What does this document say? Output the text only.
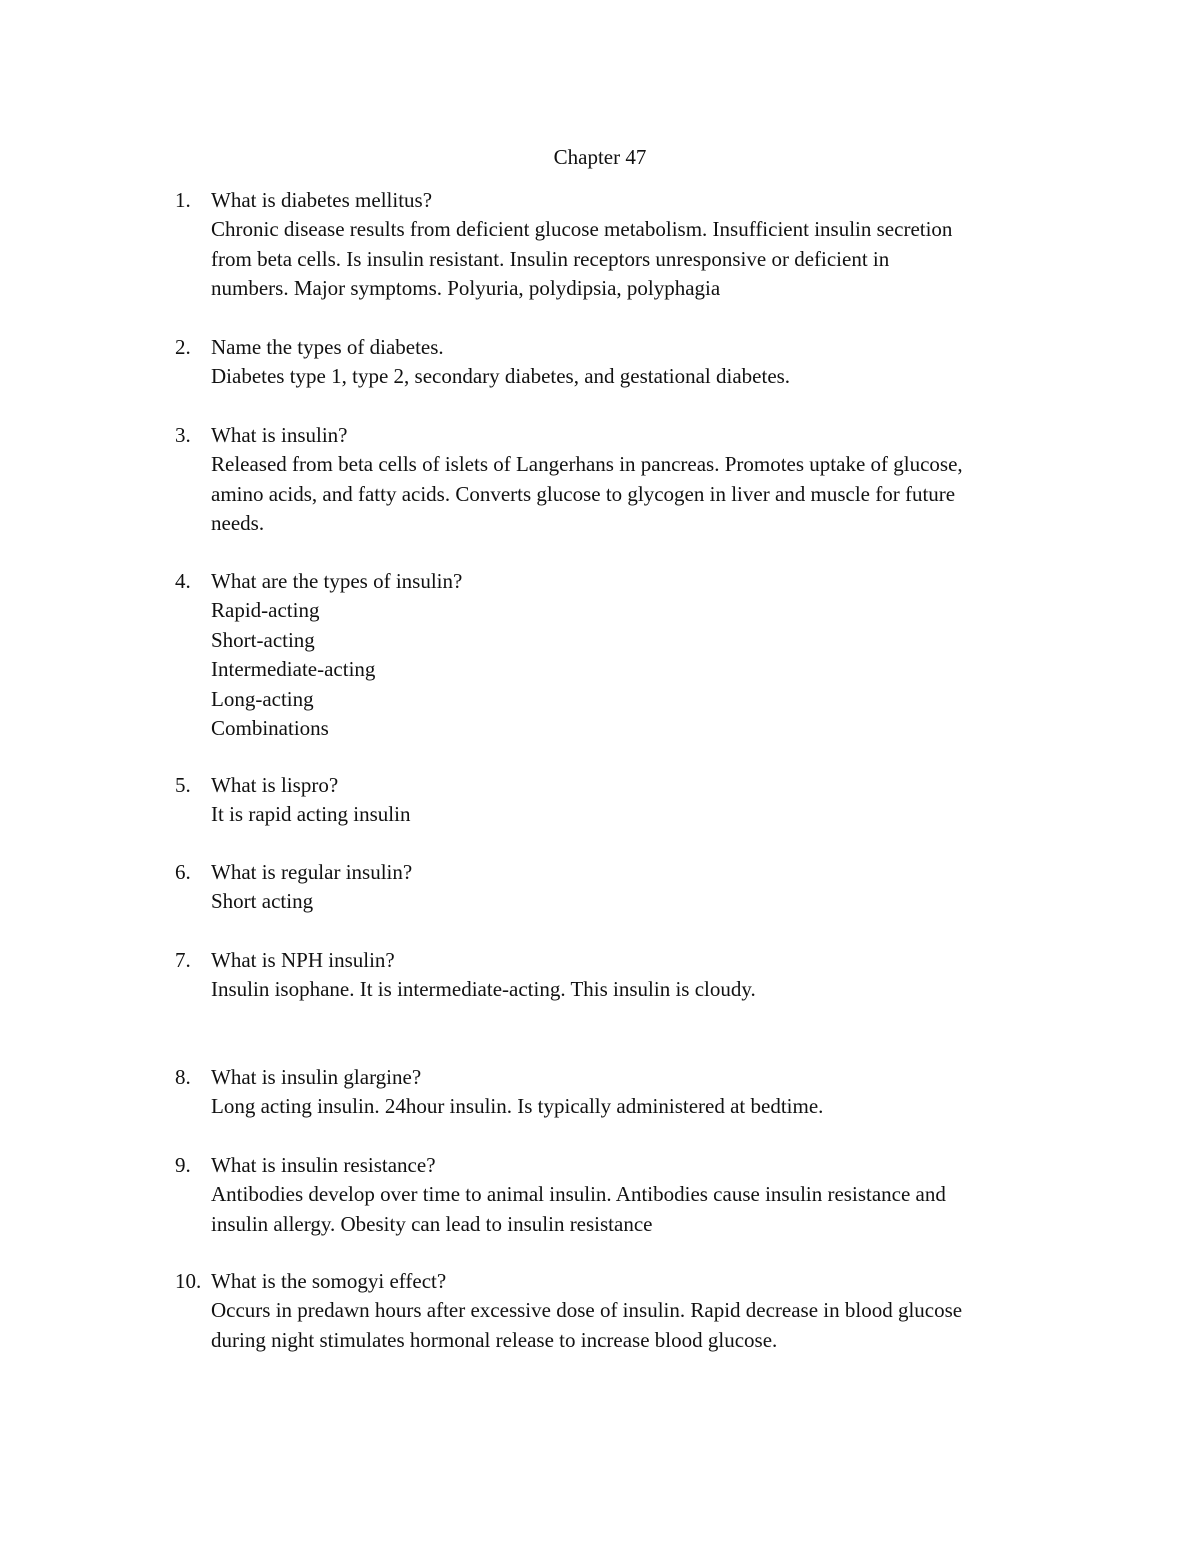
Chapter 47
1. What is diabetes mellitus?
Chronic disease results from deficient glucose metabolism. Insufficient insulin secretion
from beta cells. Is insulin resistant. Insulin receptors unresponsive or deficient in
numbers. Major symptoms. Polyuria, polydipsia, polyphagia
2. Name the types of diabetes.
Diabetes type 1, type 2, secondary diabetes, and gestational diabetes.
3. What is insulin?
Released from beta cells of islets of Langerhans in pancreas. Promotes uptake of glucose,
amino acids, and fatty acids. Converts glucose to glycogen in liver and muscle for future
needs.
4. What are the types of insulin?
Rapid-acting
Short-acting
Intermediate-acting
Long-acting
Combinations
5. What is lispro?
It is rapid acting insulin
6. What is regular insulin?
Short acting
7. What is NPH insulin?
Insulin isophane. It is intermediate-acting. This insulin is cloudy.
8. What is insulin glargine?
Long acting insulin. 24hour insulin. Is typically administered at bedtime.
9. What is insulin resistance?
Antibodies develop over time to animal insulin. Antibodies cause insulin resistance and
insulin allergy. Obesity can lead to insulin resistance
10. What is the somogyi effect?
Occurs in predawn hours after excessive dose of insulin. Rapid decrease in blood glucose
during night stimulates hormonal release to increase blood glucose.
